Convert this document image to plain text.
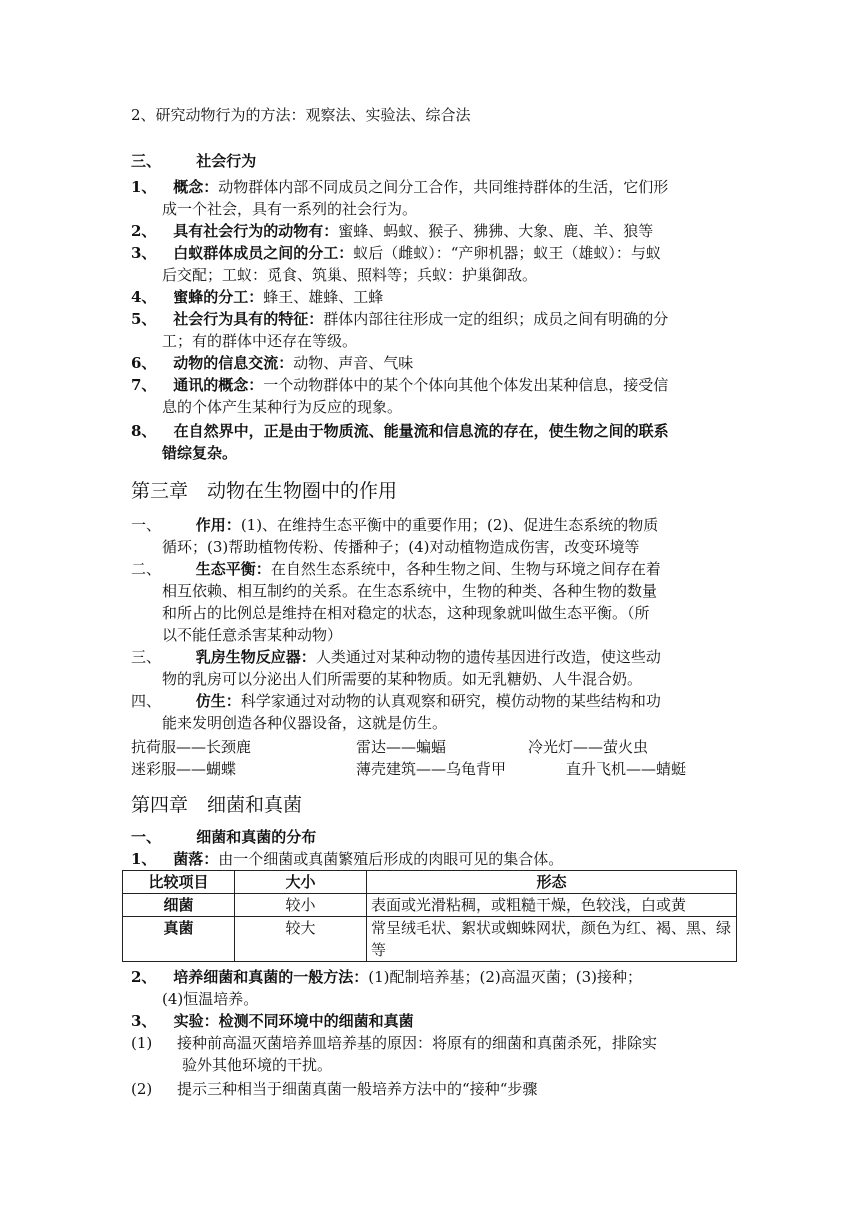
2、研究动物行为的方法：观察法、实验法、综合法
三、 社会行为
1、 概念：动物群体内部不同成员之间分工合作，共同维持群体的生活，它们形
成一个社会，具有一系列的社会行为。
2、 具有社会行为的动物有：蜜蜂、蚂蚁、猴子、狒狒、大象、鹿、羊、狼等
3、 白蚁群体成员之间的分工：蚁后（雌蚁）：“产卵机器；蚁王（雄蚁）：与蚁
后交配；工蚁：觅食、筑巢、照料等；兵蚁：护巢御敌。
4、 蜜蜂的分工：蜂王、雄蜂、工蜂
5、 社会行为具有的特征：群体内部往往形成一定的组织；成员之间有明确的分
工；有的群体中还存在等级。
6、 动物的信息交流：动物、声音、气味
7、 通讯的概念：一个动物群体中的某个个体向其他个体发出某种信息，接受信
息的个体产生某种行为反应的现象。
8、 在自然界中，正是由于物质流、能量流和信息流的存在，使生物之间的联系
错综复杂。
第三章　动物在生物圈中的作用
一、 作用：(1)、在维持生态平衡中的重要作用；(2)、促进生态系统的物质
循环；(3)帮助植物传粉、传播种子；(4)对动植物造成伤害，改变环境等
二、 生态平衡：在自然生态系统中，各种生物之间、生物与环境之间存在着
相互依赖、相互制约的关系。在生态系统中，生物的种类、各种生物的数量
和所占的比例总是维持在相对稳定的状态，这种现象就叫做生态平衡。（所
以不能任意杀害某种动物）
三、 乳房生物反应器：人类通过对某种动物的遗传基因进行改造，使这些动
物的乳房可以分泌出人们所需要的某种物质。如无乳糖奶、人牛混合奶。
四、 仿生：科学家通过对动物的认真观察和研究，模仿动物的某些结构和功
能来发明创造各种仪器设备，这就是仿生。
抗荷服——长颈鹿	雷达——蝙蝠	冷光灯——萤火虫
迷彩服——蝴蝶	薄壳建筑——乌龟背甲	直升飞机——蜻蜓
第四章　细菌和真菌
一、 细菌和真菌的分布
1、 菌落：由一个细菌或真菌繁殖后形成的肉眼可见的集合体。
比较项目	大小	形态
细菌	较小	表面或光滑粘稠，或粗糙干燥，色较浅，白或黄
真菌	较大	常呈绒毛状、絮状或蜘蛛网状，颜色为红、褐、黑、绿等
2、 培养细菌和真菌的一般方法：(1)配制培养基；(2)高温灭菌；(3)接种；
(4)恒温培养。
3、 实验：检测不同环境中的细菌和真菌
(1) 接种前高温灭菌培养皿培养基的原因：将原有的细菌和真菌杀死，排除实
验外其他环境的干扰。
(2) 提示三种相当于细菌真菌一般培养方法中的“接种“步骤
